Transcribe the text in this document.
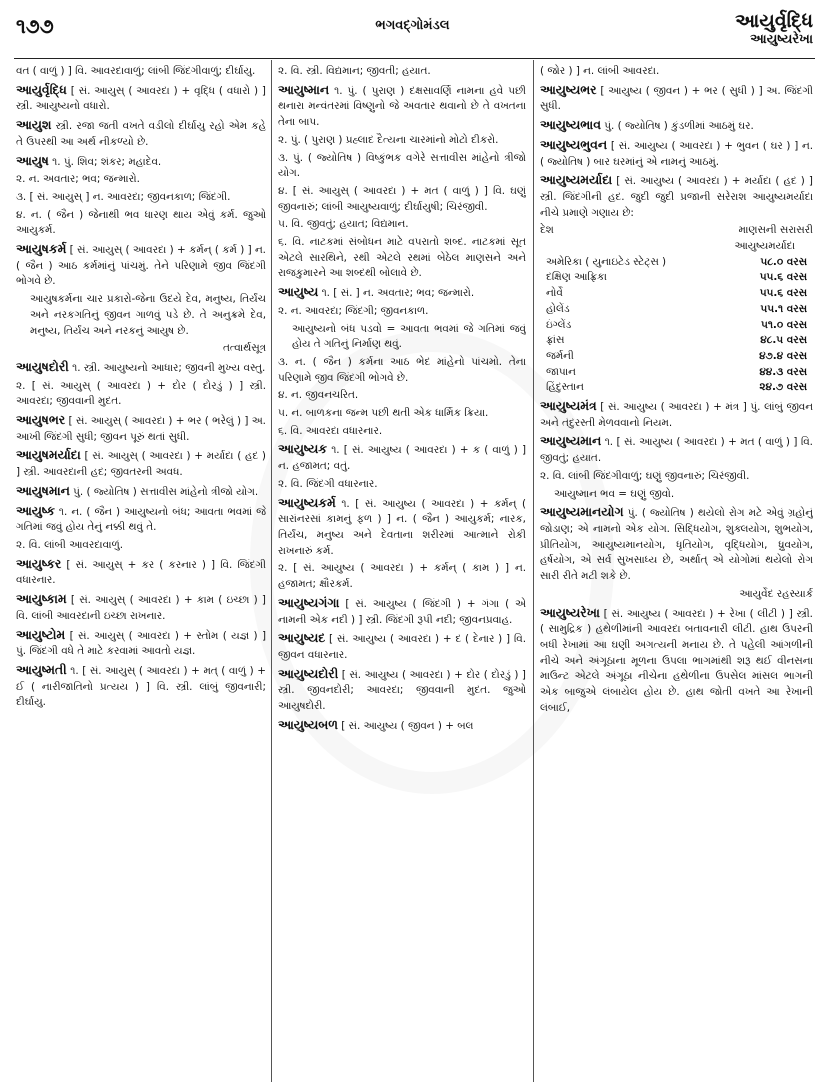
૧૭૭	ભગવદ્ગોમંડલ	આયુર્વૃદ્ધિ
આયુષ્યરેખા
વત ( વાળું ) ] વિ. આવરદાવાળું; લાંબી જિંદગીવાળું; દીર્ઘાયુ.
આયુર્વૃદ્ધિ [ સં. આયુસ્ ( આવરદા ) + વૃદ્ધિ ( વધારો ) ] સ્ત્રી. આયુષ્યનો વધારો.
આયુશ સ્ત્રી. રજા જતી વખતે વડીલો દીર્ઘાયુ રહો એમ કહે તે ઉપરથી આ અર્થ નીકળ્યો છે.
આયુષ ૧. પું. શિવ; શંકર; મહાદેવ.
૨. ન. અવતાર; ભવ; જન્મારો.
૩. [ સં. આયુસ્ ] ન. આવરદા; જીવનકાળ; જિંદગી.
૪. ન. ( જૈન ) જેનાથી ભવ ધારણ થાય એવું કર્મ. જુઓ આયુકર્મ.
આયુષકર્મ [ સં. આયુસ્ ( આવરદા ) + કર્મન્ ( કર્મ ) ] ન. ( જૈન ) આઠ કર્મમાંનું પાંચમું. તેને પરિણામે જીવ જિંદગી ભોગવે છે.
આયુષકર્મના ચાર પ્રકારો-જેના ઉદયે દેવ, મનુષ્ય, તિર્યંચ અને નરકગતિનું જીવન ગાળવું પડે છે. તે અનુક્રમે દેવ, મનુષ્ય, તિર્યંચ અને નરકનું આયુષ છે.
તત્વાર્થસૂત્ર
આયુષદોરી ૧. સ્ત્રી. આયુષ્યનો આધાર; જીવની મુખ્ય વસ્તુ.
૨. [ સં. આયુસ્ ( આવરદા ) + દોર ( દોરડું ) ] સ્ત્રી. આવરદા; જીવવાની મુદત.
આયુષભર [ સં. આયુસ્ ( આવરદા ) + ભર ( ભરેલું ) ] અ. આખી જિંદગી સુધી; જીવન પૂરું થતાં સુધી.
આયુષમર્યાદા [ સં. આયુસ્ ( આવરદા ) + મર્યાદા ( હદ ) ] સ્ત્રી. આવરદાની હદ; જીવતરની અવધ.
આયુષમાન પું. ( જ્યોતિષ ) સત્તાવીસ માંહેનો ત્રીજો યોગ.
આયુષ્ક ૧. ન. ( જૈન ) આયુષ્યનો બંધ; આવતા ભવમાં જે ગતિમાં જવું હોય તેનું નક્કી થવું તે.
૨. વિ. લાંબી આવરદાવાળું.
આયુષ્કર [ સં. આયુસ્ + કર ( કરનાર ) ] વિ. જિંદગી વધારનાર.
આયુષ્કામ [ સં. આયુસ્ ( આવરદા ) + કામ ( ઇચ્છા ) ] વિ. લાંબી આવરદાની ઇચ્છા રાખનાર.
આયુષ્ટોમ [ સં. આયુસ્ ( આવરદા ) + સ્તોમ ( યજ્ઞ ) ] પું. જિંદગી વધે તે માટે કરવામાં આવતો યજ્ઞ.
આયુષ્મતી ૧. [ સં. આયુસ્ ( આવરદા ) + મત્ ( વાળું ) + ઈ ( નારીજાતિનો પ્રત્યય ) ] વિ. સ્ત્રી. લાંબું જીવનારી; દીર્ઘાયુ.
૨. વિ. સ્ત્રી. વિદ્યમાન; જીવતી; હયાત.
આયુષ્માન ૧. પું. ( પુરાણ ) દક્ષસાવર્ણિ નામના હવે પછી થનારા મન્વંતરમાં વિષ્ણુનો જે અવતાર થવાનો છે તે વખતના તેના બાપ.
૨. પું. ( પુરાણ ) પ્રહ્લાદ દૈત્યના ચારમાંનો મોટો દીકરો.
૩. પું. ( જ્યોતિષ ) વિષ્કુંભક વગેરે સત્તાવીસ માંહેનો ત્રીજો યોગ.
૪. [ સં. આયુસ્ ( આવરદા ) + મત ( વાળું ) ] વિ. ઘણું જીવનારું; લાંબી આયુષ્યવાળું; દીર્ઘાયુષી; ચિરંજીવી.
૫. વિ. જીવતું; હયાત; વિદ્યમાન.
૬. વિ. નાટકમાં સંબોધન માટે વપરાતો શબ્દ. નાટકમાં સૂત એટલે સારથિને, રથી એટલે રથમાં બેઠેલ માણસને અને રાજકુમારને આ શબ્દથી બોલાવે છે.
આયુષ્ય ૧. [ સં. ] ન. અવતાર; ભવ; જન્મારો.
૨. ન. આવરદા; જિંદગી; જીવનકાળ.
આયુષ્યનો બંધ પડવો = આવતા ભવમાં જે ગતિમાં જવું હોય તે ગતિનું નિર્માણ થવું.
૩. ન. ( જૈન ) કર્મના આઠ ભેદ માંહેનો પાંચમો. તેના પરિણામે જીવ જિંદગી ભોગવે છે.
૪. ન. જીવનચરિત.
૫. ન. બાળકના જન્મ પછી થતી એક ધાર્મિક ક્રિયા.
૬. વિ. આવરદા વધારનાર.
આયુષ્યક ૧. [ સં. આયુષ્ય ( આવરદા ) + ક ( વાળું ) ] ન. હજામત; વતું.
૨. વિ. જિંદગી વધારનાર.
આયુષ્યકર્મ ૧. [ સં. આયુષ્ય ( આવરદા ) + કર્મન્ ( સારાંનરસાં કામનું ફળ ) ] ન. ( જૈન ) આયુકર્મ; નારક, તિર્યંચ, મનુષ્ય અને દેવતાના શરીરમાં આત્માને રોકી રાખનારું કર્મ.
૨. [ સં. આયુષ્ય ( આવરદા ) + કર્મન્ ( કામ ) ] ન. હજામત; ક્ષૌરકર્મ.
આયુષ્યગંગા [ સં. આયુષ્ય ( જિંદગી ) + ગંગા ( એ નામની એક નદી ) ] સ્ત્રી. જિંદગી રૂપી નદી; જીવનપ્રવાહ.
આયુષ્યદ [ સં. આયુષ્ય ( આવરદા ) + દ ( દેનાર ) ] વિ. જીવન વધારનાર.
આયુષ્યદોરી [ સં. આયુષ્ય ( આવરદા ) + દોર ( દોરડું ) ] સ્ત્રી. જીવનદોરી; આવરદા; જીવવાની મુદત. જુઓ આયુષદોરી.
આયુષ્યબળ [ સં. આયુષ્ય ( જીવન ) + બલ
( જોર ) ] ન. લાંબી આવરદા.
આયુષ્યભર [ આયુષ્ય ( જીવન ) + ભર ( સુધી ) ] અ. જિંદગી સુધી.
આયુષ્યભાવ પું. ( જ્યોતિષ ) કુંડળીમાં આઠમું ઘર.
આયુષ્યભુવન [ સં. આયુષ્ય ( આવરદા ) + ભુવન ( ઘર ) ] ન. ( જ્યોતિષ ) બાર ઘરમાંનું એ નામનું આઠમું.
આયુષ્યમર્યાદા [ સં. આયુષ્ય ( આવરદા ) + મર્યાદા ( હદ ) ] સ્ત્રી. જિંદગીની હદ. જુદી જુદી પ્રજાની સરેરાશ આયુષ્યમર્યાદા નીચે પ્રમાણે ગણાય છે:
દેશ	માણસની સરાસરી
આયુષ્યમર્યાદા
અમેરિકા ( યુનાઇટેડ સ્ટેટ્સ )	૫૮.૦ વરસ
દક્ષિણ આફ્રિકા	૫૫.૬ વરસ
નોર્વે	૫૫.૬ વરસ
હોલેંડ	૫૫.૧ વરસ
ઇંગ્લેંડ	૫૧.૦ વરસ
ફ્રાંસ	૪૮.૫ વરસ
જર્મની	૪૭.૪ વરસ
જાપાન	૪૪.૩ વરસ
હિંદુસ્તાન	૨૪.૭ વરસ
આયુષ્યમંત્ર [ સં. આયુષ્ય ( આવરદા ) + મંત્ર ] પું. લાંબું જીવન અને તંદુરસ્તી મેળવવાનો નિયમ.
આયુષ્યમાન ૧. [ સં. આયુષ્ય ( આવરદા ) + મત ( વાળું ) ] વિ. જીવતું; હયાત.
૨. વિ. લાંબી જિંદગીવાળું; ઘણું જીવનારું; ચિરંજીવી.
આયુષ્માન ભવ = ઘણું જીવો.
આયુષ્યમાનયોગ પું. ( જ્યોતિષ ) થયેલો રોગ મટે એવું ગ્રહોનું જોડાણ; એ નામનો એક યોગ. સિદ્ધિયોગ, શુક્લયોગ, શુભયોગ, પ્રીતિયોગ, આયુષ્યમાનયોગ, ધૃતિયોગ, વૃદ્ધિયોગ, ધ્રુવયોગ, હર્ષયોગ, એ સર્વ સુખસાધ્ય છે, અર્થાત્ એ યોગોમાં થયેલો રોગ સારી રીતે મટી શકે છે.
આયુર્વેદ રહસ્યાર્ક
આયુષ્યરેખા [ સં. આયુષ્ય ( આવરદા ) + રેખા ( લીટી ) ] સ્ત્રી. ( સામુદ્રિક ) હથેળીમાંની આવરદા બતાવનારી લીટી. હાથ ઉપરની બધી રેખામાં આ ઘણી અગત્યની મનાય છે. તે પહેલી આંગળીની નીચે અને અંગૂઠાના મૂળના ઉપલા ભાગમાંથી શરૂ થઈ વીનસના માઉન્ટ એટલે અંગૂઠા નીચેના હથેળીના ઉપસેલ માંસલ ભાગની એક બાજુએ લંબાયેલ હોય છે. હાથ જોતી વખતે આ રેખાની લંબાઈ,
